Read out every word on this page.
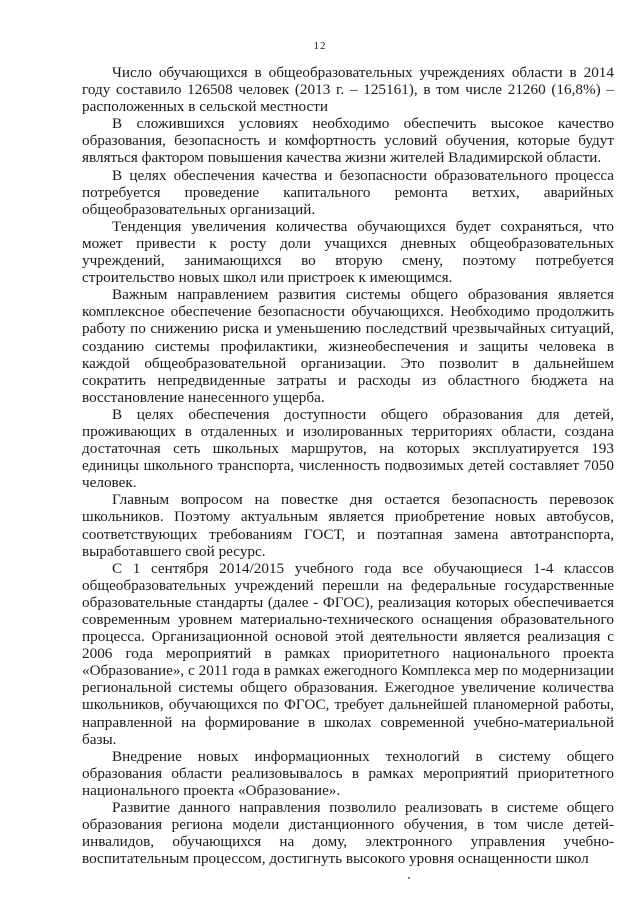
12

Число обучающихся в общеобразовательных учреждениях области в 2014 году составило 126508 человек (2013 г. – 125161), в том числе 21260 (16,8%) – расположенных в сельской местности

В сложившихся условиях необходимо обеспечить высокое качество образования, безопасность и комфортность условий обучения, которые будут являться фактором повышения качества жизни жителей Владимирской области.

В целях обеспечения качества и безопасности образовательного процесса потребуется проведение капитального ремонта ветхих, аварийных общеобразовательных организаций.

Тенденция увеличения количества обучающихся будет сохраняться, что может привести к росту доли учащихся дневных общеобразовательных учреждений, занимающихся во вторую смену, поэтому потребуется строительство новых школ или пристроек к имеющимся.

Важным направлением развития системы общего образования является комплексное обеспечение безопасности обучающихся. Необходимо продолжить работу по снижению риска и уменьшению последствий чрезвычайных ситуаций, созданию системы профилактики, жизнеобеспечения и защиты человека в каждой общеобразовательной организации. Это позволит в дальнейшем сократить непредвиденные затраты и расходы из областного бюджета на восстановление нанесенного ущерба.

В целях обеспечения доступности общего образования для детей, проживающих в отдаленных и изолированных территориях области, создана достаточная сеть школьных маршрутов, на которых эксплуатируется 193 единицы школьного транспорта, численность подвозимых детей составляет 7050 человек.

Главным вопросом на повестке дня остается безопасность перевозок школьников. Поэтому актуальным является приобретение новых автобусов, соответствующих требованиям ГОСТ, и поэтапная замена автотранспорта, выработавшего свой ресурс.

С 1 сентября 2014/2015 учебного года все обучающиеся 1-4 классов общеобразовательных учреждений перешли на федеральные государственные образовательные стандарты (далее - ФГОС), реализация которых обеспечивается современным уровнем материально-технического оснащения образовательного процесса. Организационной основой этой деятельности является реализация с 2006 года мероприятий в рамках приоритетного национального проекта «Образование», с 2011 года в рамках ежегодного Комплекса мер по модернизации региональной системы общего образования. Ежегодное увеличение количества школьников, обучающихся по ФГОС, требует дальнейшей планомерной работы, направленной на формирование в школах современной учебно-материальной базы.

Внедрение новых информационных технологий в систему общего образования области реализовывалось в рамках мероприятий приоритетного национального проекта «Образование».

Развитие данного направления позволило реализовать в системе общего образования региона модели дистанционного обучения, в том числе детей-инвалидов, обучающихся на дому, электронного управления учебно-воспитательным процессом, достигнуть высокого уровня оснащенности школ
